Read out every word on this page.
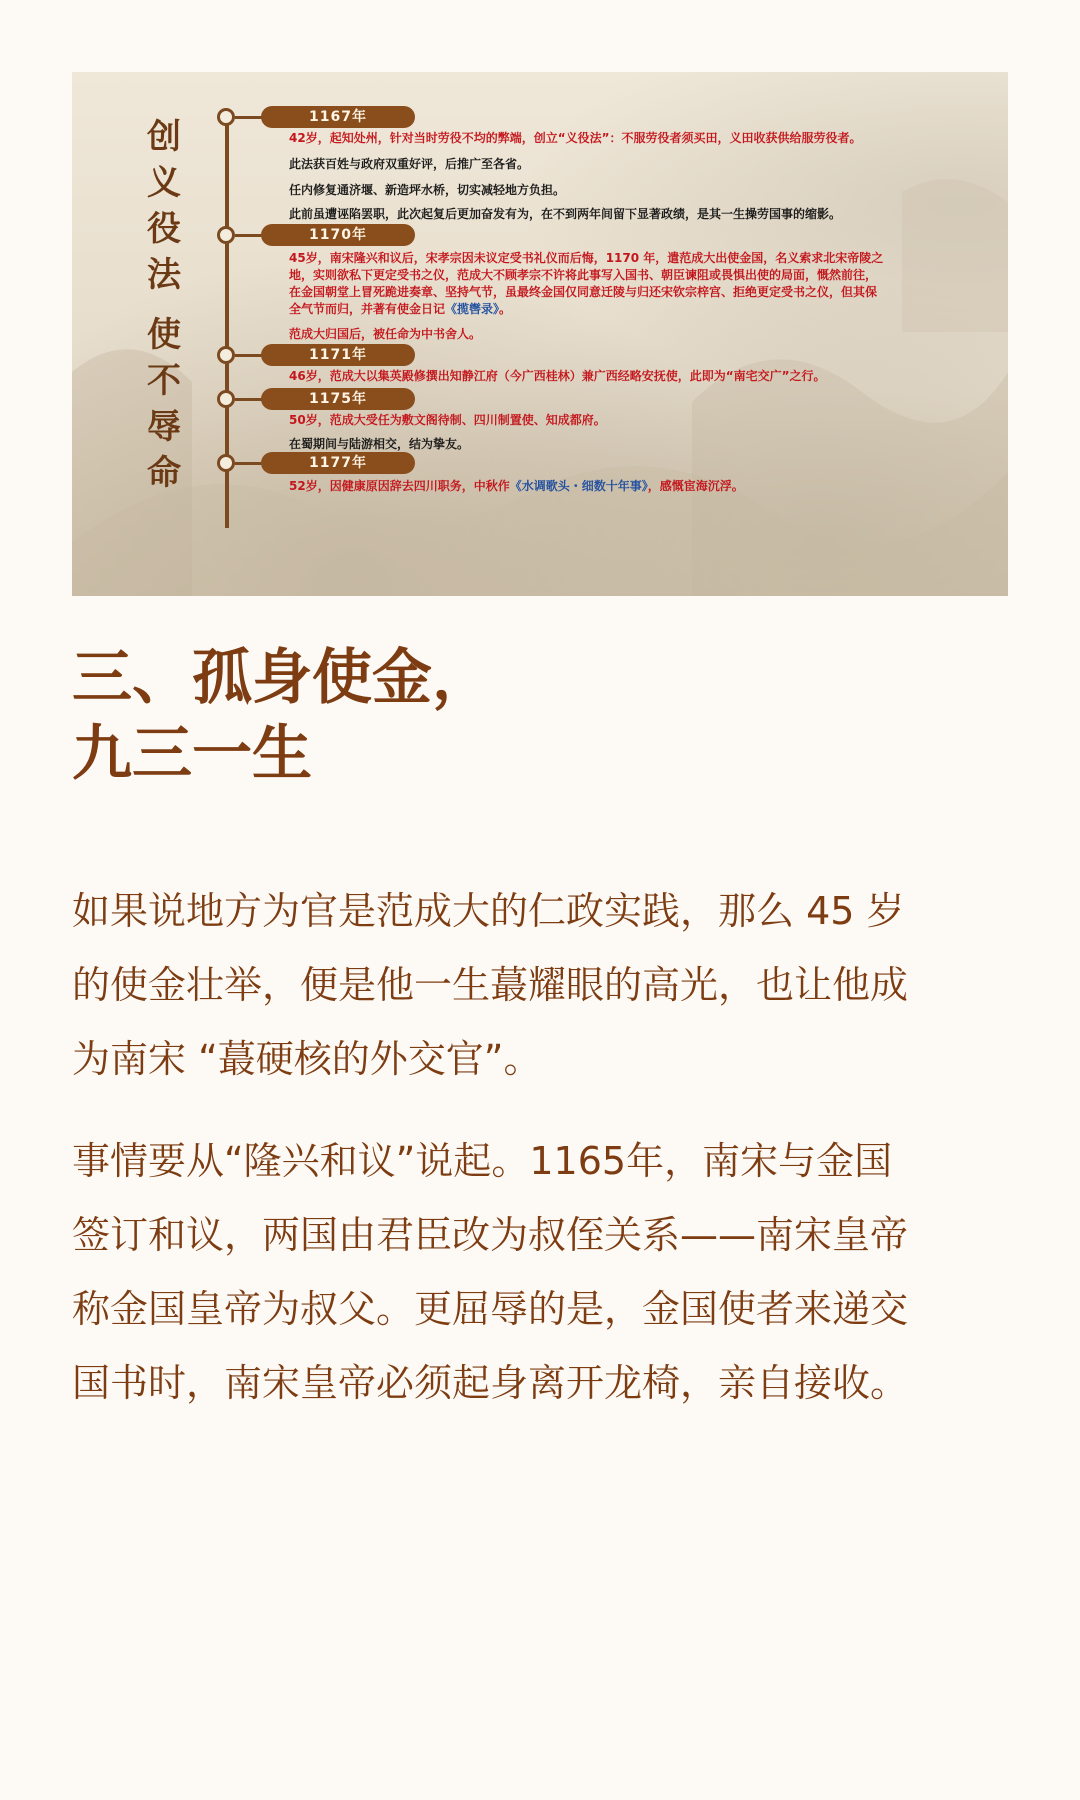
创
义
役
法
使
不
辱
命
1167年

42岁，起知处州，针对当时劳役不均的弊端，创立“义役法”：不服劳役者须买田，义田收获供给服劳役者。

此法获百姓与政府双重好评，后推广至各省。

任内修复通济堰、新造坪水桥，切实减轻地方负担。

此前虽遭诬陷罢职，此次起复后更加奋发有为，在不到两年间留下显著政绩，是其一生操劳国事的缩影。

1170年

45岁，南宋隆兴和议后，宋孝宗因未议定受书礼仪而后悔，1170 年，遣范成大出使金国，名义索求北宋帝陵之

地，实则欲私下更定受书之仪，范成大不顾孝宗不许将此事写入国书、朝臣谏阻或畏惧出使的局面，慨然前往，

在金国朝堂上冒死跪进奏章、坚持气节，虽最终金国仅同意迁陵与归还宋钦宗梓宫、拒绝更定受书之仪，但其保

全气节而归，并著有使金日记《揽辔录》。

范成大归国后，被任命为中书舍人。

1171年

46岁，范成大以集英殿修撰出知静江府（今广西桂林）兼广西经略安抚使，此即为“南宅交广”之行。

1175年

50岁，范成大受任为敷文阁待制、四川制置使、知成都府。

在蜀期间与陆游相交，结为挚友。

1177年

52岁，因健康原因辞去四川职务，中秋作《水调歌头・细数十年事》，感慨宦海沉浮。

三、孤身使金，
九三一生

如果说地方为官是范成大的仁政实践，那么 45 岁
的使金壮举，便是他一生蕞耀眼的高光，也让他成
为南宋 “蕞硬核的外交官”。

事情要从“隆兴和议”说起。1165年，南宋与金国
签订和议，两国由君臣改为叔侄关系——南宋皇帝
称金国皇帝为叔父。更屈辱的是，金国使者来递交
国书时，南宋皇帝必须起身离开龙椅，亲自接收。
